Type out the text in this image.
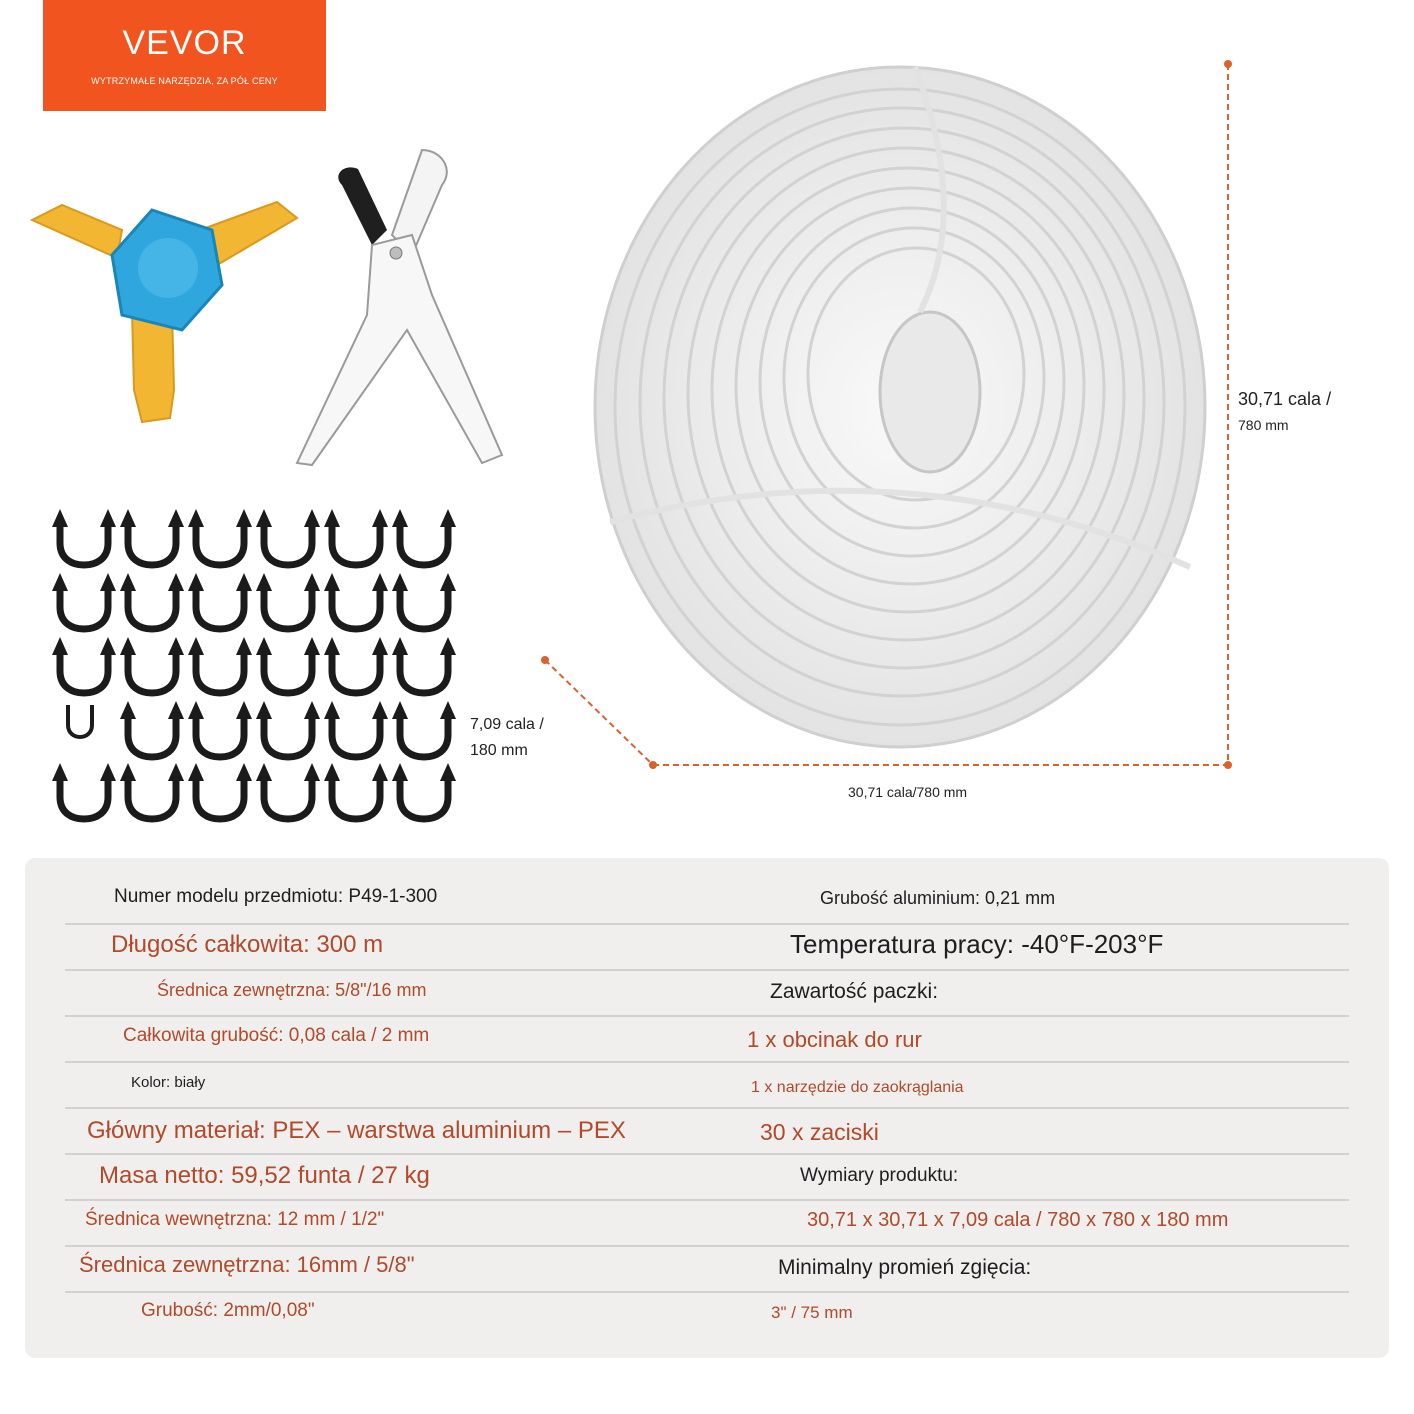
VEVOR
WYTRZYMAŁE NARZĘDZIA, ZA PÓŁ CENY
30,71 cala /
780 mm
30,71 cala/780 mm
7,09 cala /
180 mm
Numer modelu przedmiotu: P49-1-300
Długość całkowita: 300 m
Średnica zewnętrzna: 5/8"/16 mm
Całkowita grubość: 0,08 cala / 2 mm
Kolor: biały
Główny materiał: PEX – warstwa aluminium – PEX
Masa netto: 59,52 funta / 27 kg
Średnica wewnętrzna: 12 mm / 1/2"
Średnica zewnętrzna: 16mm / 5/8"
Grubość: 2mm/0,08"
Grubość aluminium: 0,21 mm
Temperatura pracy: -40°F-203°F
Zawartość paczki:
1 x obcinak do rur
1 x narzędzie do zaokrąglania
30 x zaciski
Wymiary produktu:
30,71 x 30,71 x 7,09 cala / 780 x 780 x 180 mm
Minimalny promień zgięcia:
3" / 75 mm
